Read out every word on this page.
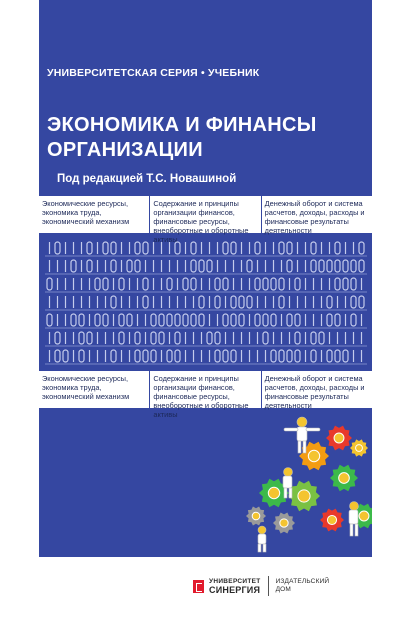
УНИВЕРСИТЕТСКАЯ СЕРИЯ • УЧЕБНИК
ЭКОНОМИКА И ФИНАНСЫ
ОРГАНИЗАЦИИ
Под редакцией Т.С. Новашиной
Экономические ресурсы, экономика труда, экономический механизм
Содержание и принципы организации финансов, финансовые ресурсы, внеоборотные и оборотные активы
Денежный оборот и система расчетов, доходы, расходы и финансовые результаты деятельности
Экономические ресурсы, экономика труда, экономический механизм
Содержание и принципы организации финансов, финансовые ресурсы, внеоборотные и оборотные активы
Денежный оборот и система расчетов, доходы, расходы и финансовые результаты деятельности
УНИВЕРСИТЕТ
СИНЕРГИЯ
ИЗДАТЕЛЬСКИЙ
ДОМ
